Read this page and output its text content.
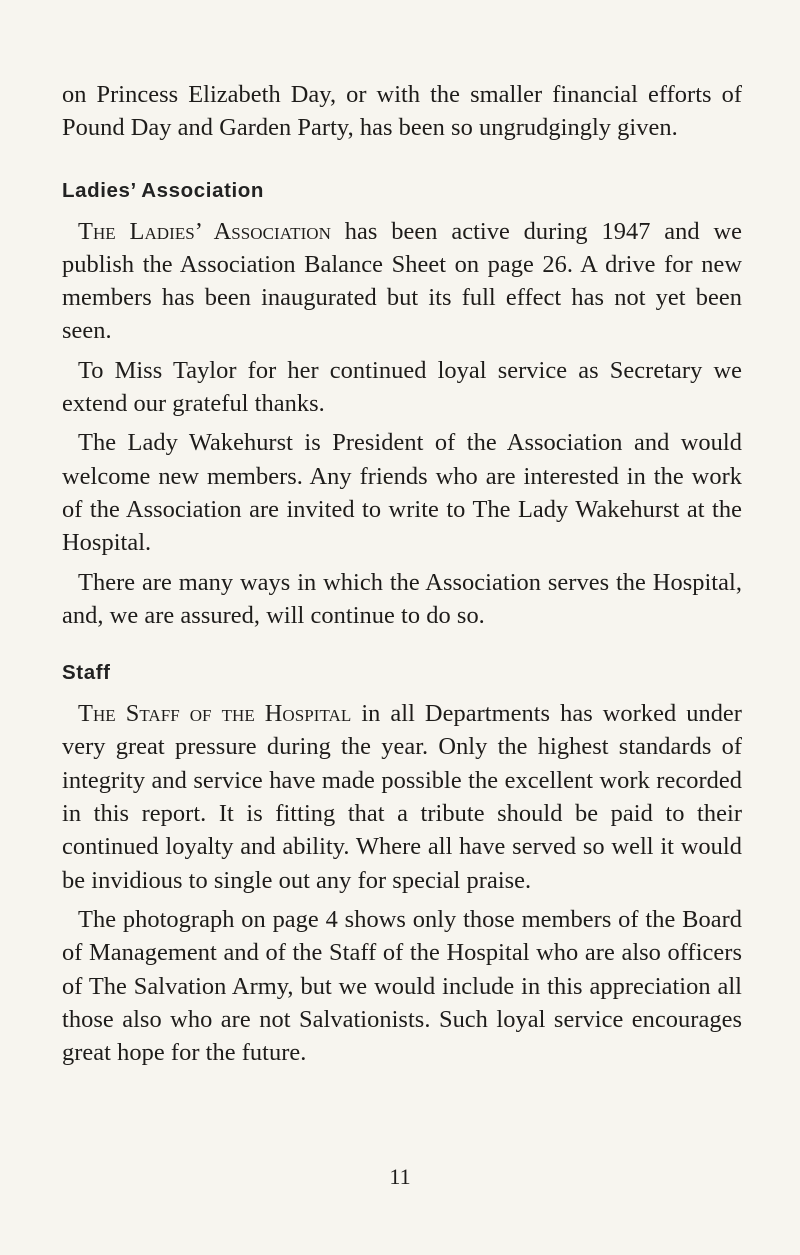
on Princess Elizabeth Day, or with the smaller financial efforts of Pound Day and Garden Party, has been so ungrudgingly given.

Ladies’ Association

The Ladies’ Association has been active during 1947 and we publish the Association Balance Sheet on page 26. A drive for new members has been inaugurated but its full effect has not yet been seen.

To Miss Taylor for her continued loyal service as Secretary we extend our grateful thanks.

The Lady Wakehurst is President of the Association and would welcome new members. Any friends who are interested in the work of the Association are invited to write to The Lady Wakehurst at the Hospital.

There are many ways in which the Association serves the Hospital, and, we are assured, will continue to do so.

Staff

The Staff of the Hospital in all Departments has worked under very great pressure during the year. Only the highest standards of integrity and service have made possible the excellent work recorded in this report. It is fitting that a tribute should be paid to their continued loyalty and ability. Where all have served so well it would be invidious to single out any for special praise.

The photograph on page 4 shows only those members of the Board of Management and of the Staff of the Hospital who are also officers of The Salvation Army, but we would include in this appreciation all those also who are not Salvationists. Such loyal service encourages great hope for the future.

11
